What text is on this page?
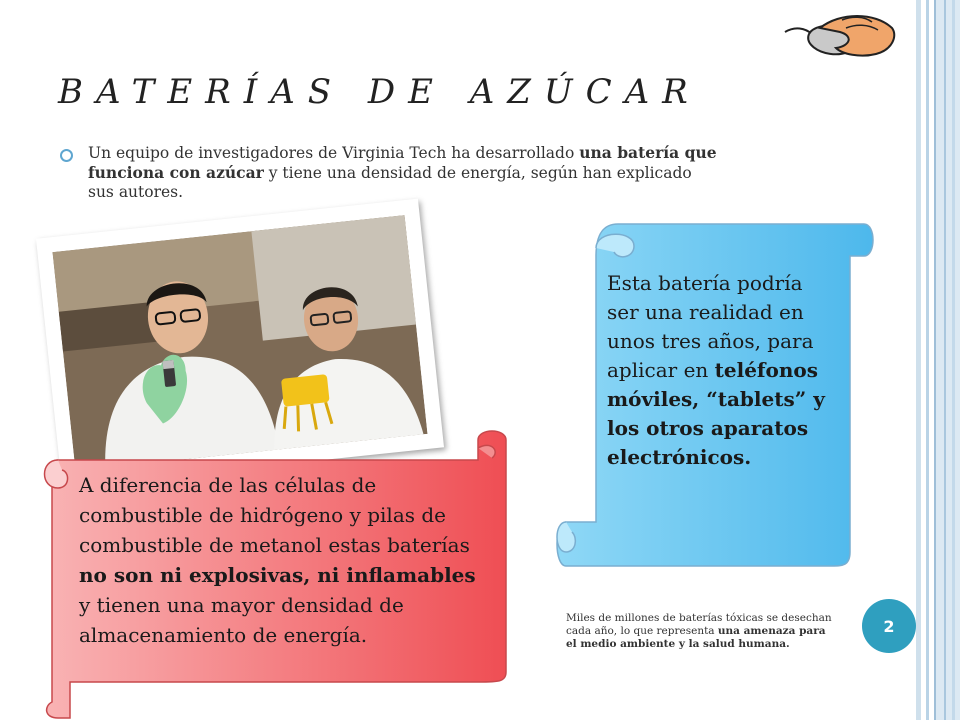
BATERÍAS DE AZÚCAR

Un equipo de investigadores de Virginia Tech ha desarrollado una batería que funciona con azúcar y tiene una densidad de energía, según han explicado sus autores.

Esta batería podría ser una realidad en unos tres años, para aplicar en teléfonos móviles, “tablets” y los otros aparatos electrónicos.

A diferencia de las células de combustible de hidrógeno y pilas de combustible de metanol estas baterías no son ni explosivas, ni inflamables y tienen una mayor densidad de almacenamiento de energía.

Miles de millones de baterías tóxicas se desechan cada año, lo que representa una amenaza para el medio ambiente y la salud humana.

2
